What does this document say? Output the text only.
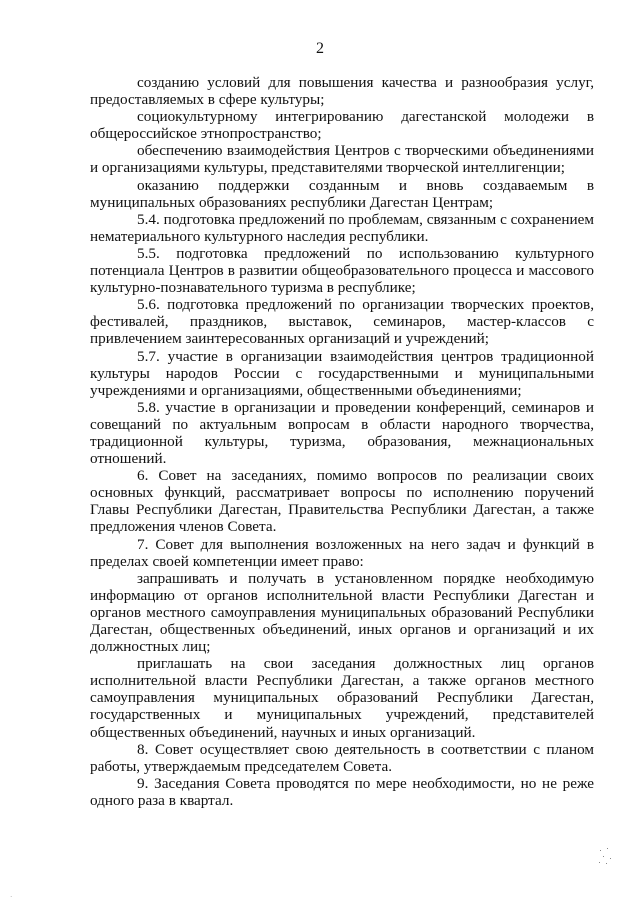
2

созданию условий для повышения качества и разнообразия услуг, предоставляемых в сфере культуры;

социокультурному интегрированию дагестанской молодежи в общероссийское этнопространство;

обеспечению взаимодействия Центров с творческими объединениями и организациями культуры, представителями творческой интеллигенции;

оказанию поддержки созданным и вновь создаваемым в муниципальных образованиях республики Дагестан Центрам;

5.4. подготовка предложений по проблемам, связанным с сохранением нематериального культурного наследия республики.

5.5. подготовка предложений по использованию культурного потенциала Центров в развитии общеобразовательного процесса и массового культурно-познавательного туризма в республике;

5.6. подготовка предложений по организации творческих проектов, фестивалей, праздников, выставок, семинаров, мастер-классов с привлечением заинтересованных организаций и учреждений;

5.7. участие в организации взаимодействия центров традиционной культуры народов России с государственными и муниципальными учреждениями и организациями, общественными объединениями;

5.8. участие в организации и проведении конференций, семинаров и совещаний по актуальным вопросам в области народного творчества, традиционной культуры, туризма, образования, межнациональных отношений.

6. Совет на заседаниях, помимо вопросов по реализации своих основных функций, рассматривает вопросы по исполнению поручений Главы Республики Дагестан, Правительства Республики Дагестан, а также предложения членов Совета.

7. Совет для выполнения возложенных на него задач и функций в пределах своей компетенции имеет право:

запрашивать и получать в установленном порядке необходимую информацию от органов исполнительной власти Республики Дагестан и органов местного самоуправления муниципальных образований Республики Дагестан, общественных объединений, иных органов и организаций и их должностных лиц;

приглашать на свои заседания должностных лиц органов исполнительной власти Республики Дагестан, а также органов местного самоуправления муниципальных образований Республики Дагестан, государственных и муниципальных учреждений, представителей общественных объединений, научных и иных организаций.

8. Совет осуществляет свою деятельность в соответствии с планом работы, утверждаемым председателем Совета.

9. Заседания Совета проводятся по мере необходимости, но не реже одного раза в квартал.

·
